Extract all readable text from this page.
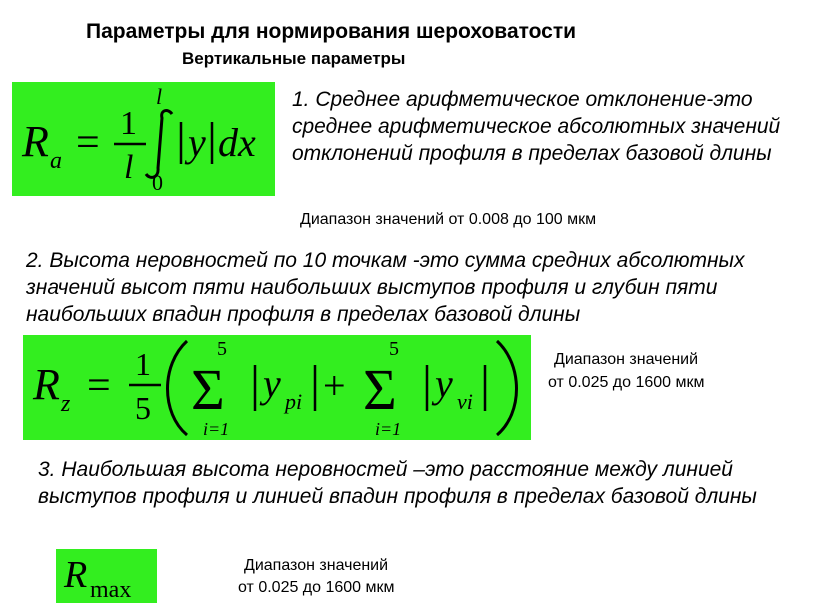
Параметры для нормирования шероховатости
Вертикальные параметры
R a = 1
l
l
0
y dx
1. Среднее арифметическое отклонение-это среднее арифметическое абсолютных значений отклонений профиля в пределах базовой длины
Диапазон значений от 0.008 до 100 мкм
2. Высота неровностей по 10 точкам -это сумма средних абсолютных значений высот пяти наибольших выступов профиля и глубин пяти наибольших впадин профиля в пределах базовой длины
R z = 1
5
5
Σ
i=1
y pi +
5
Σ
i=1
y vi
Диапазон значений
от 0.025 до 1600 мкм
3. Наибольшая высота неровностей –это расстояние между линией выступов профиля и линией впадин профиля в пределах базовой длины
R max
Диапазон значений
от 0.025 до 1600 мкм
